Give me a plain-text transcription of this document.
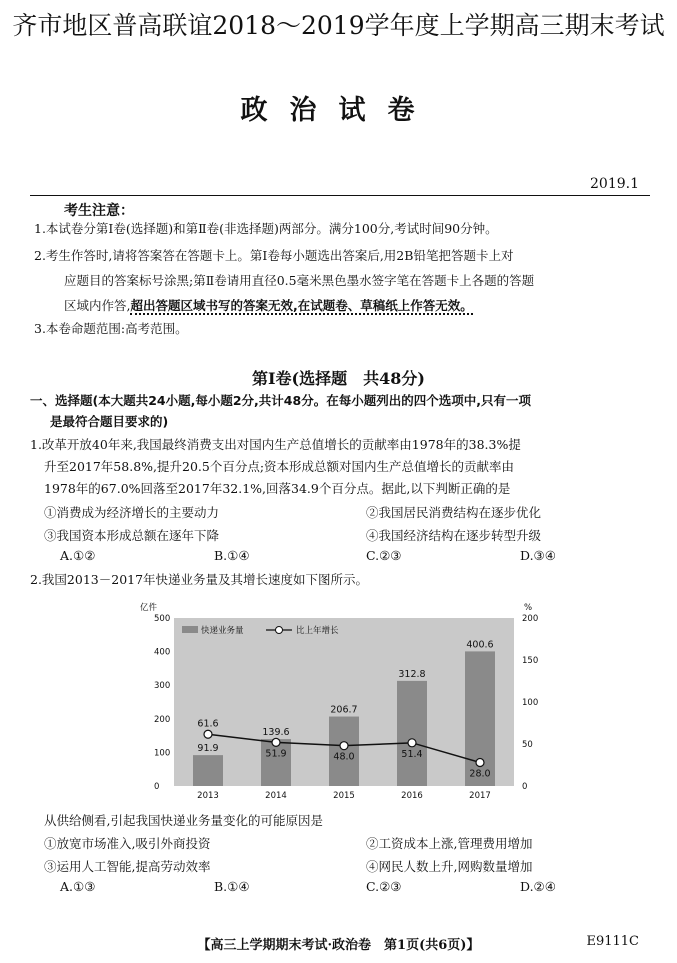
齐市地区普高联谊2018～2019学年度上学期高三期末考试
政治试卷
2019.1
考生注意：
1.本试卷分第Ⅰ卷(选择题)和第Ⅱ卷(非选择题)两部分。满分100分,考试时间90分钟。
2.考生作答时,请将答案答在答题卡上。第Ⅰ卷每小题选出答案后,用2B铅笔把答题卡上对
应题目的答案标号涂黑;第Ⅱ卷请用直径0.5毫米黑色墨水签字笔在答题卡上各题的答题
区域内作答,超出答题区域书写的答案无效,在试题卷、草稿纸上作答无效。
3.本卷命题范围:高考范围。
第Ⅰ卷(选择题　共48分)
一、选择题(本大题共24小题,每小题2分,共计48分。在每小题列出的四个选项中,只有一项
是最符合题目要求的)
1.改革开放40年来,我国最终消费支出对国内生产总值增长的贡献率由1978年的38.3%提
升至2017年58.8%,提升20.5个百分点;资本形成总额对国内生产总值增长的贡献率由
1978年的67.0%回落至2017年32.1%,回落34.9个百分点。据此,以下判断正确的是
①消费成为经济增长的主要动力	②我国居民消费结构在逐步优化
③我国资本形成总额在逐年下降	④我国经济结构在逐步转型升级
A.①②	B.①④	C.②③	D.③④
2.我国2013－2017年快递业务量及其增长速度如下图所示。
亿件	%
0
100
200
300
400
500
0
50
100
150
200
2013	2014	2015	2016	2017
91.9
139.6
206.7
312.8
400.6
61.6
51.9	48.0	51.4
28.0
快递业务量	比上年增长
从供给侧看,引起我国快递业务量变化的可能原因是
①放宽市场准入,吸引外商投资	②工资成本上涨,管理费用增加
③运用人工智能,提高劳动效率	④网民人数上升,网购数量增加
A.①③	B.①④	C.②③	D.②④
【高三上学期期末考试·政治卷　第1页(共6页)】	E9111C
